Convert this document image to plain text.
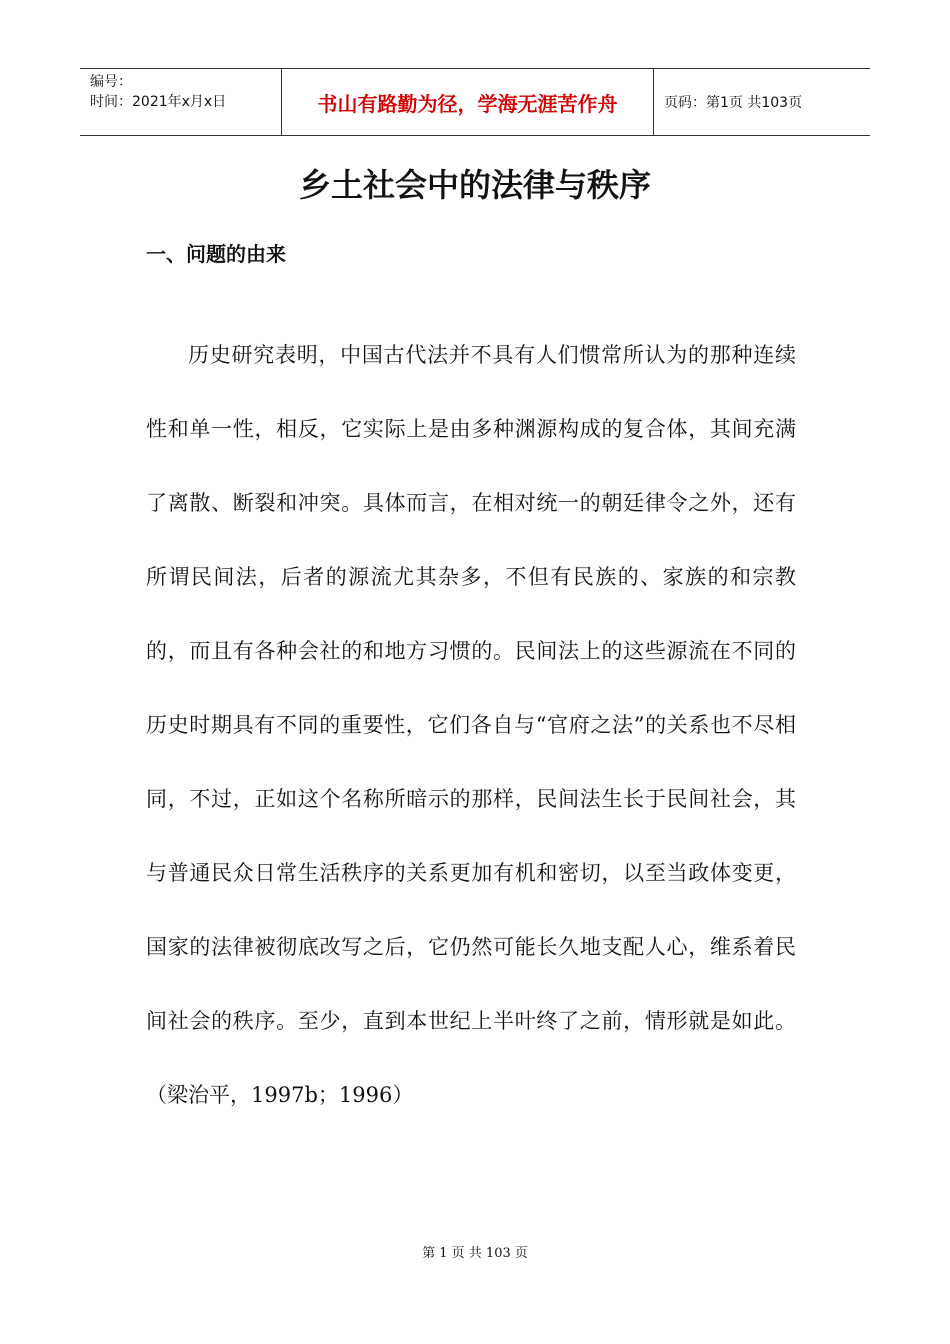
编号：
时间：2021年x月x日	书山有路勤为径，学海无涯苦作舟	页码：第1页 共103页
乡土社会中的法律与秩序
一、问题的由来

历史研究表明，中国古代法并不具有人们惯常所认为的那种连续性和单一性，相反，它实际上是由多种渊源构成的复合体，其间充满了离散、断裂和冲突。具体而言，在相对统一的朝廷律令之外，还有所谓民间法，后者的源流尤其杂多，不但有民族的、家族的和宗教的，而且有各种会社的和地方习惯的。民间法上的这些源流在不同的历史时期具有不同的重要性，它们各自与“官府之法”的关系也不尽相同，不过，正如这个名称所暗示的那样，民间法生长于民间社会，其与普通民众日常生活秩序的关系更加有机和密切，以至当政体变更，国家的法律被彻底改写之后，它仍然可能长久地支配人心，维系着民间社会的秩序。至少，直到本世纪上半叶终了之前，情形就是如此。（梁治平，1997b；1996）

第 1 页 共 103 页
